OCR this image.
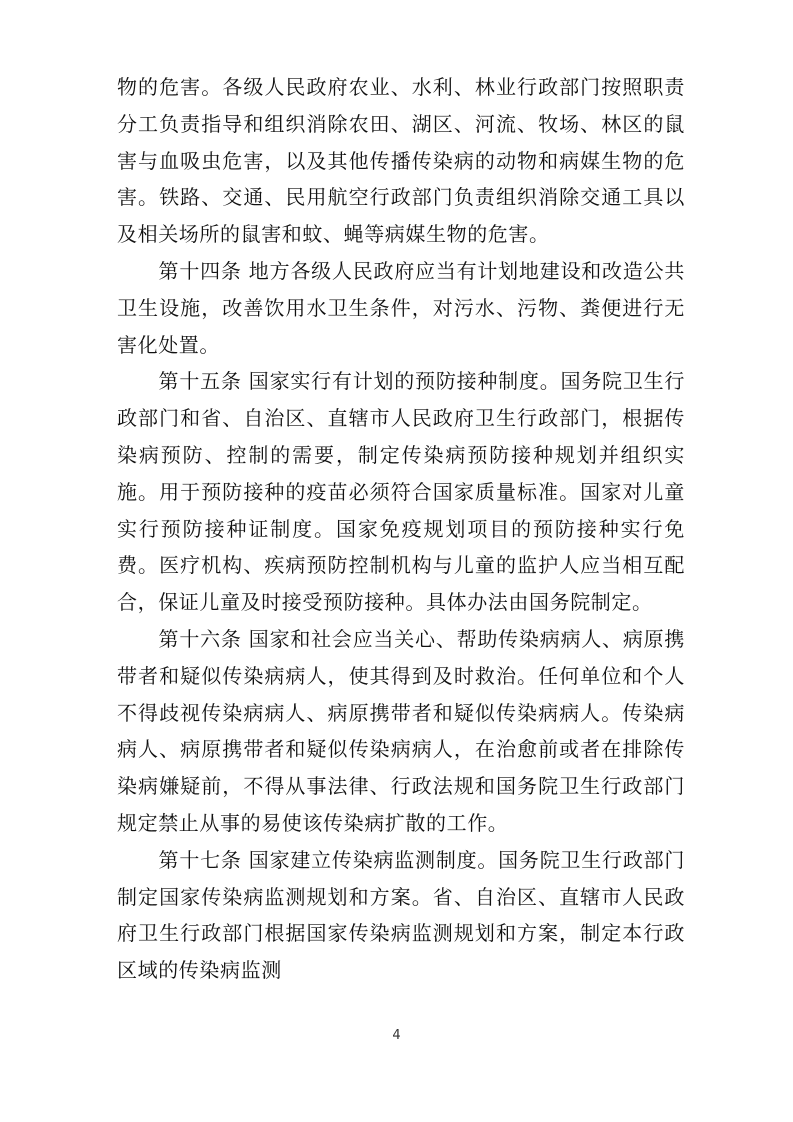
物的危害。各级人民政府农业、水利、林业行政部门按照职责分工负责指导和组织消除农田、湖区、河流、牧场、林区的鼠害与血吸虫危害，以及其他传播传染病的动物和病媒生物的危害。铁路、交通、民用航空行政部门负责组织消除交通工具以及相关场所的鼠害和蚊、蝇等病媒生物的危害。

　　第十四条 地方各级人民政府应当有计划地建设和改造公共卫生设施，改善饮用水卫生条件，对污水、污物、粪便进行无害化处置。

　　第十五条 国家实行有计划的预防接种制度。国务院卫生行政部门和省、自治区、直辖市人民政府卫生行政部门，根据传染病预防、控制的需要，制定传染病预防接种规划并组织实施。用于预防接种的疫苗必须符合国家质量标准。国家对儿童实行预防接种证制度。国家免疫规划项目的预防接种实行免费。医疗机构、疾病预防控制机构与儿童的监护人应当相互配合，保证儿童及时接受预防接种。具体办法由国务院制定。

　　第十六条 国家和社会应当关心、帮助传染病病人、病原携带者和疑似传染病病人，使其得到及时救治。任何单位和个人不得歧视传染病病人、病原携带者和疑似传染病病人。传染病病人、病原携带者和疑似传染病病人，在治愈前或者在排除传染病嫌疑前，不得从事法律、行政法规和国务院卫生行政部门规定禁止从事的易使该传染病扩散的工作。

　　第十七条 国家建立传染病监测制度。国务院卫生行政部门制定国家传染病监测规划和方案。省、自治区、直辖市人民政府卫生行政部门根据国家传染病监测规划和方案，制定本行政区域的传染病监测

4
